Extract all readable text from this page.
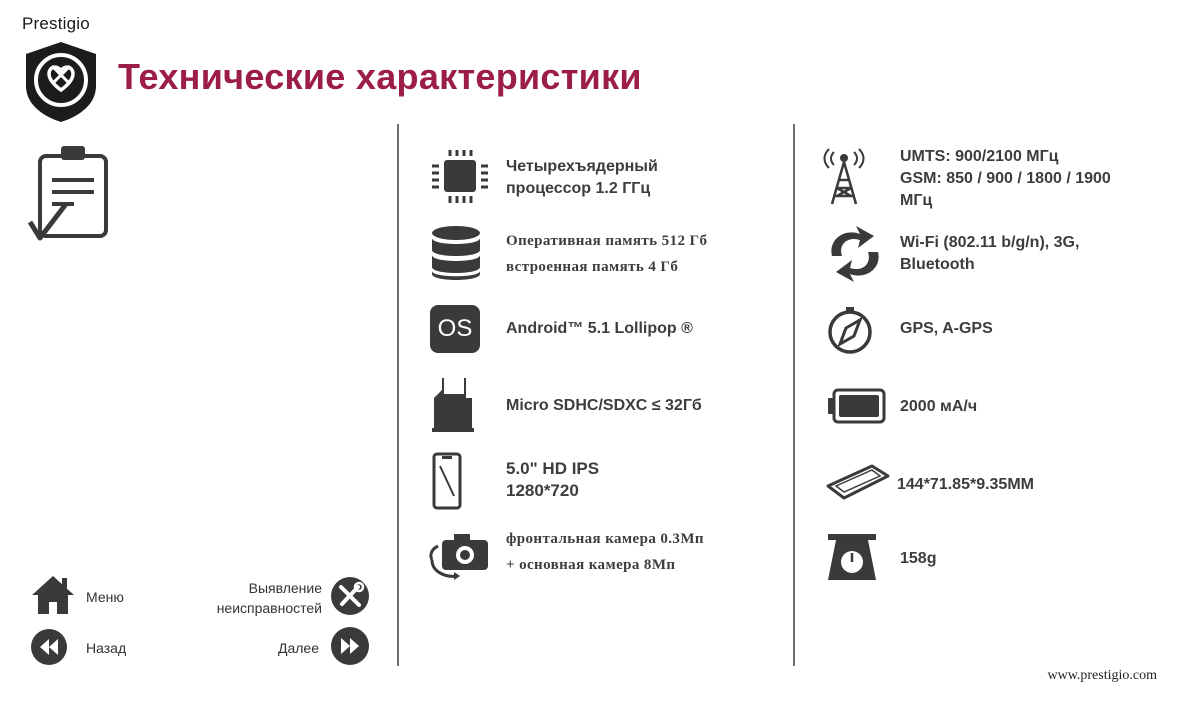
Prestigio
Технические характеристики
Четырехъядерный
процессор 1.2 ГГц
Оперативная память 512 Гб
встроенная память 4 Гб
OS	Android™ 5.1 Lollipop ®
Micro SDHC/SDXC ≤ 32Гб
5.0" HD IPS
1280*720
фронтальная камера 0.3Мп
+ основная камера 8Мп
UMTS: 900/2100 МГц
GSM: 850 / 900 / 1800 / 1900
МГц
Wi-Fi (802.11 b/g/n), 3G,
Bluetooth
GPS, A-GPS
2000 мА/ч
144*71.85*9.35ММ
158g
Меню
Выявление
неисправностей
Назад	Далее
www.prestigio.com
